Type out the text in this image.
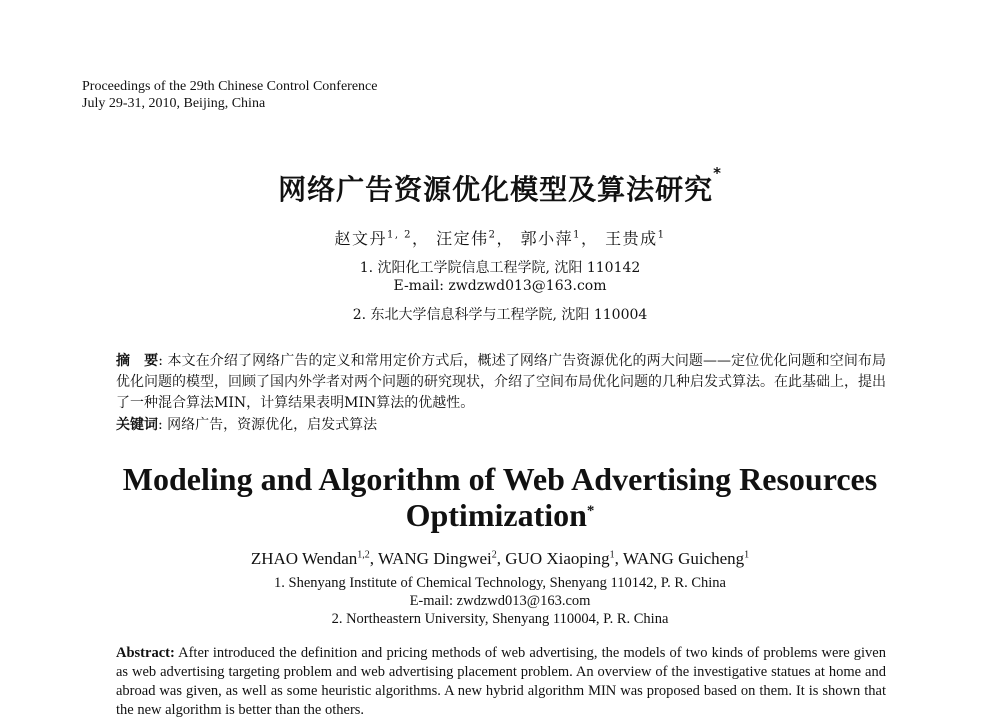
Proceedings of the 29th Chinese Control Conference
July 29-31, 2010, Beijing, China
网络广告资源优化模型及算法研究*
赵文丹$^{1, 2}$， 汪定伟$^2$， 郭小萍$^1$， 王贵成$^1$
1. 沈阳化工学院信息工程学院, 沈阳 110142
E-mail: zwdzwd013@163.com
2. 东北大学信息科学与工程学院, 沈阳 110004
摘　要: 本文在介绍了网络广告的定义和常用定价方式后，概述了网络广告资源优化的两大问题——定位优化问题和空间布局优化问题的模型，回顾了国内外学者对两个问题的研究现状，介绍了空间布局优化问题的几种启发式算法。在此基础上，提出了一种混合算法MIN，计算结果表明MIN算法的优越性。
关键词: 网络广告，资源优化，启发式算法
Modeling and Algorithm of Web Advertising Resources
Optimization*
ZHAO Wendan$^{1,2}$, WANG Dingwei$^2$, GUO Xiaoping$^1$, WANG Guicheng$^1$
1. Shenyang Institute of Chemical Technology, Shenyang 110142, P. R. China
E-mail: zwdzwd013@163.com
2. Northeastern University, Shenyang 110004, P. R. China
Abstract: After introduced the definition and pricing methods of web advertising, the models of two kinds of problems were given as web advertising targeting problem and web advertising placement problem. An overview of the investigative statues at home and abroad was given, as well as some heuristic algorithms. A new hybrid algorithm MIN was proposed based on them. It is shown that the new algorithm is better than the others.
